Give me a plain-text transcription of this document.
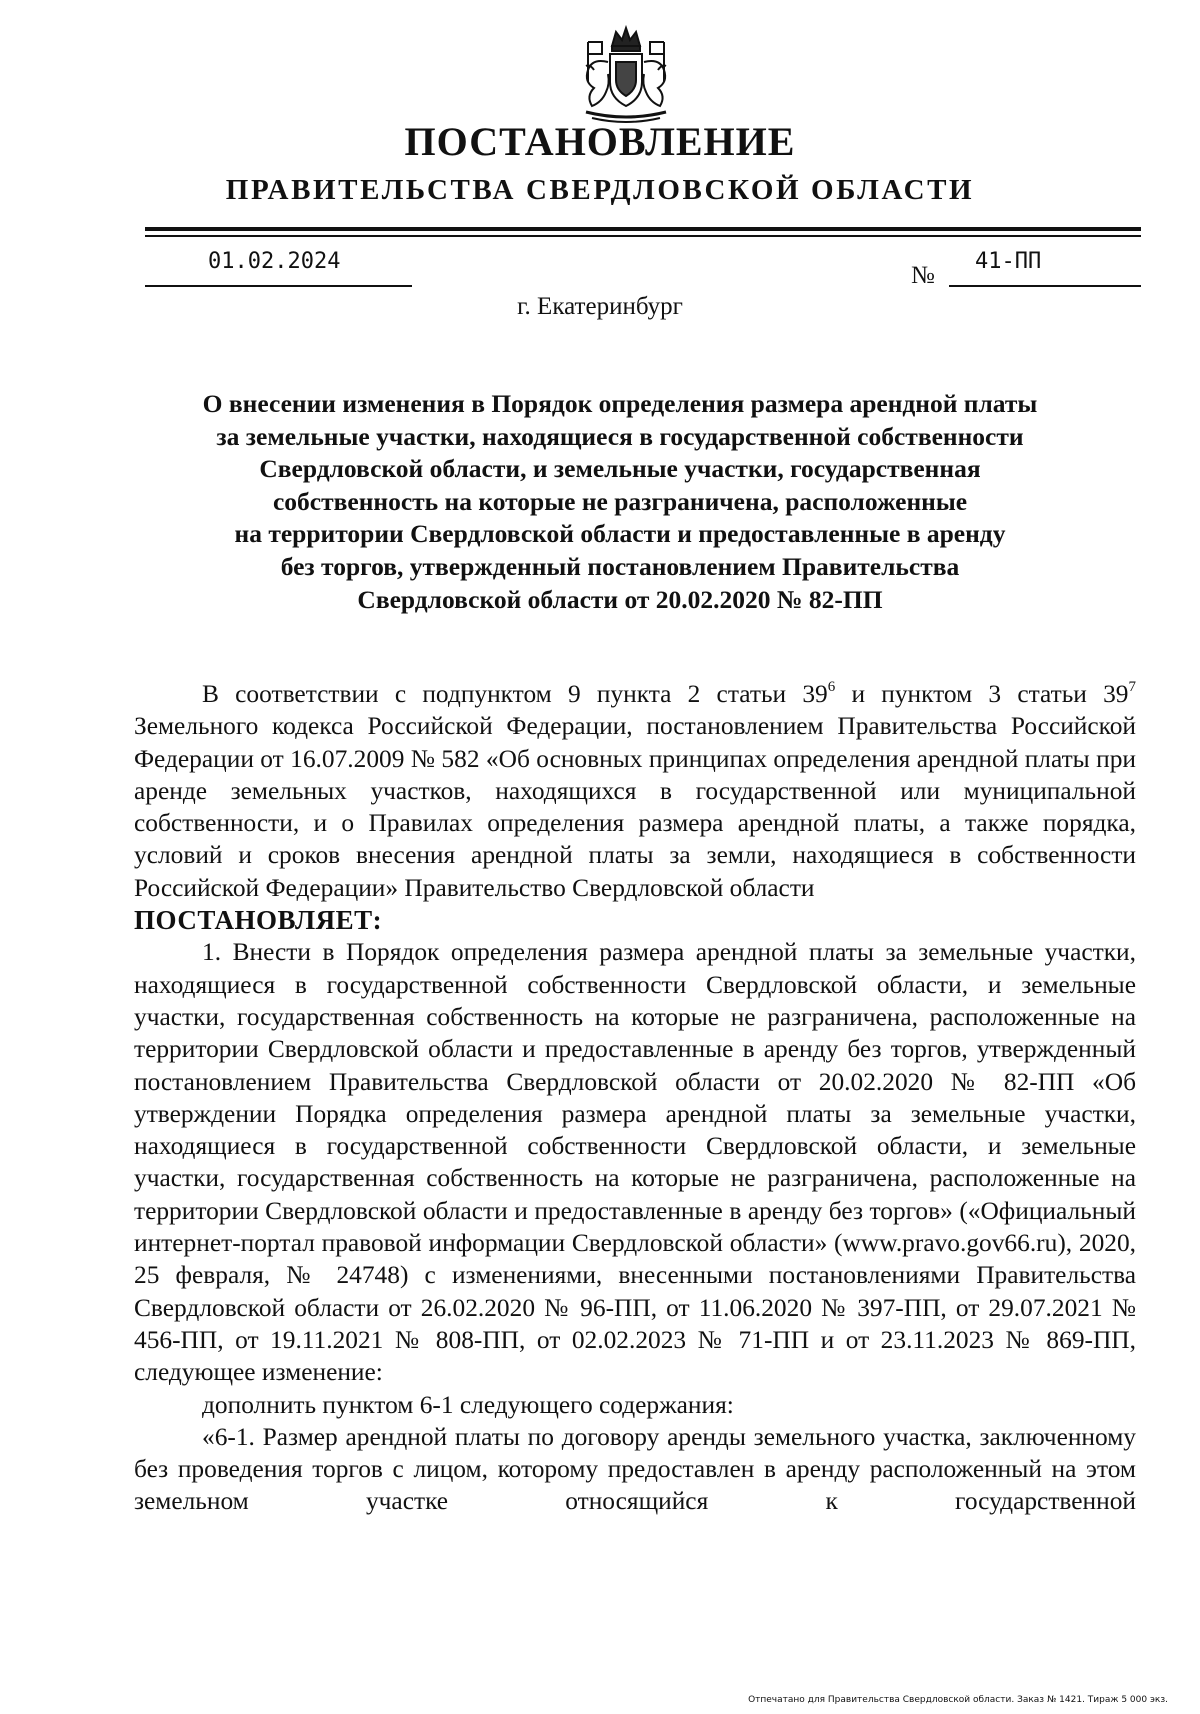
ПОСТАНОВЛЕНИЕ
ПРАВИТЕЛЬСТВА СВЕРДЛОВСКОЙ ОБЛАСТИ
01.02.2024
№
41-ПП
г. Екатеринбург
О внесении изменения в Порядок определения размера арендной платы
за земельные участки, находящиеся в государственной собственности
Свердловской области, и земельные участки, государственная
собственность на которые не разграничена, расположенные
на территории Свердловской области и предоставленные в аренду
без торгов, утвержденный постановлением Правительства
Свердловской области от 20.02.2020 № 82-ПП

В соответствии с подпунктом 9 пункта 2 статьи $39^6$ и пунктом 3 статьи $39^7$ Земельного кодекса Российской Федерации, постановлением Правительства Российской Федерации от 16.07.2009 № 582 «Об основных принципах определения арендной платы при аренде земельных участков, находящихся в государственной или муниципальной собственности, и о Правилах определения размера арендной платы, а также порядка, условий и сроков внесения арендной платы за земли, находящиеся в собственности Российской Федерации» Правительство Свердловской области

ПОСТАНОВЛЯЕТ:

1. Внести в Порядок определения размера арендной платы за земельные участки, находящиеся в государственной собственности Свердловской области, и земельные участки, государственная собственность на которые не разграничена, расположенные на территории Свердловской области и предоставленные в аренду без торгов, утвержденный постановлением Правительства Свердловской области от 20.02.2020 № 82-ПП «Об утверждении Порядка определения размера арендной платы за земельные участки, находящиеся в государственной собственности Свердловской области, и земельные участки, государственная собственность на которые не разграничена, расположенные на территории Свердловской области и предоставленные в аренду без торгов» («Официальный интернет-портал правовой информации Свердловской области» (www.pravo.gov66.ru), 2020, 25 февраля, № 24748) с изменениями, внесенными постановлениями Правительства Свердловской области от 26.02.2020 № 96-ПП, от 11.06.2020 № 397-ПП, от 29.07.2021 № 456-ПП, от 19.11.2021 № 808-ПП, от 02.02.2023 № 71-ПП и от 23.11.2023 № 869-ПП, следующее изменение:

дополнить пунктом 6-1 следующего содержания:

«6-1. Размер арендной платы по договору аренды земельного участка, заключенному без проведения торгов с лицом, которому предоставлен в аренду расположенный на этом земельном участке относящийся к государственной

Отпечатано для Правительства Свердловской области. Заказ № 1421. Тираж 5 000 экз.
